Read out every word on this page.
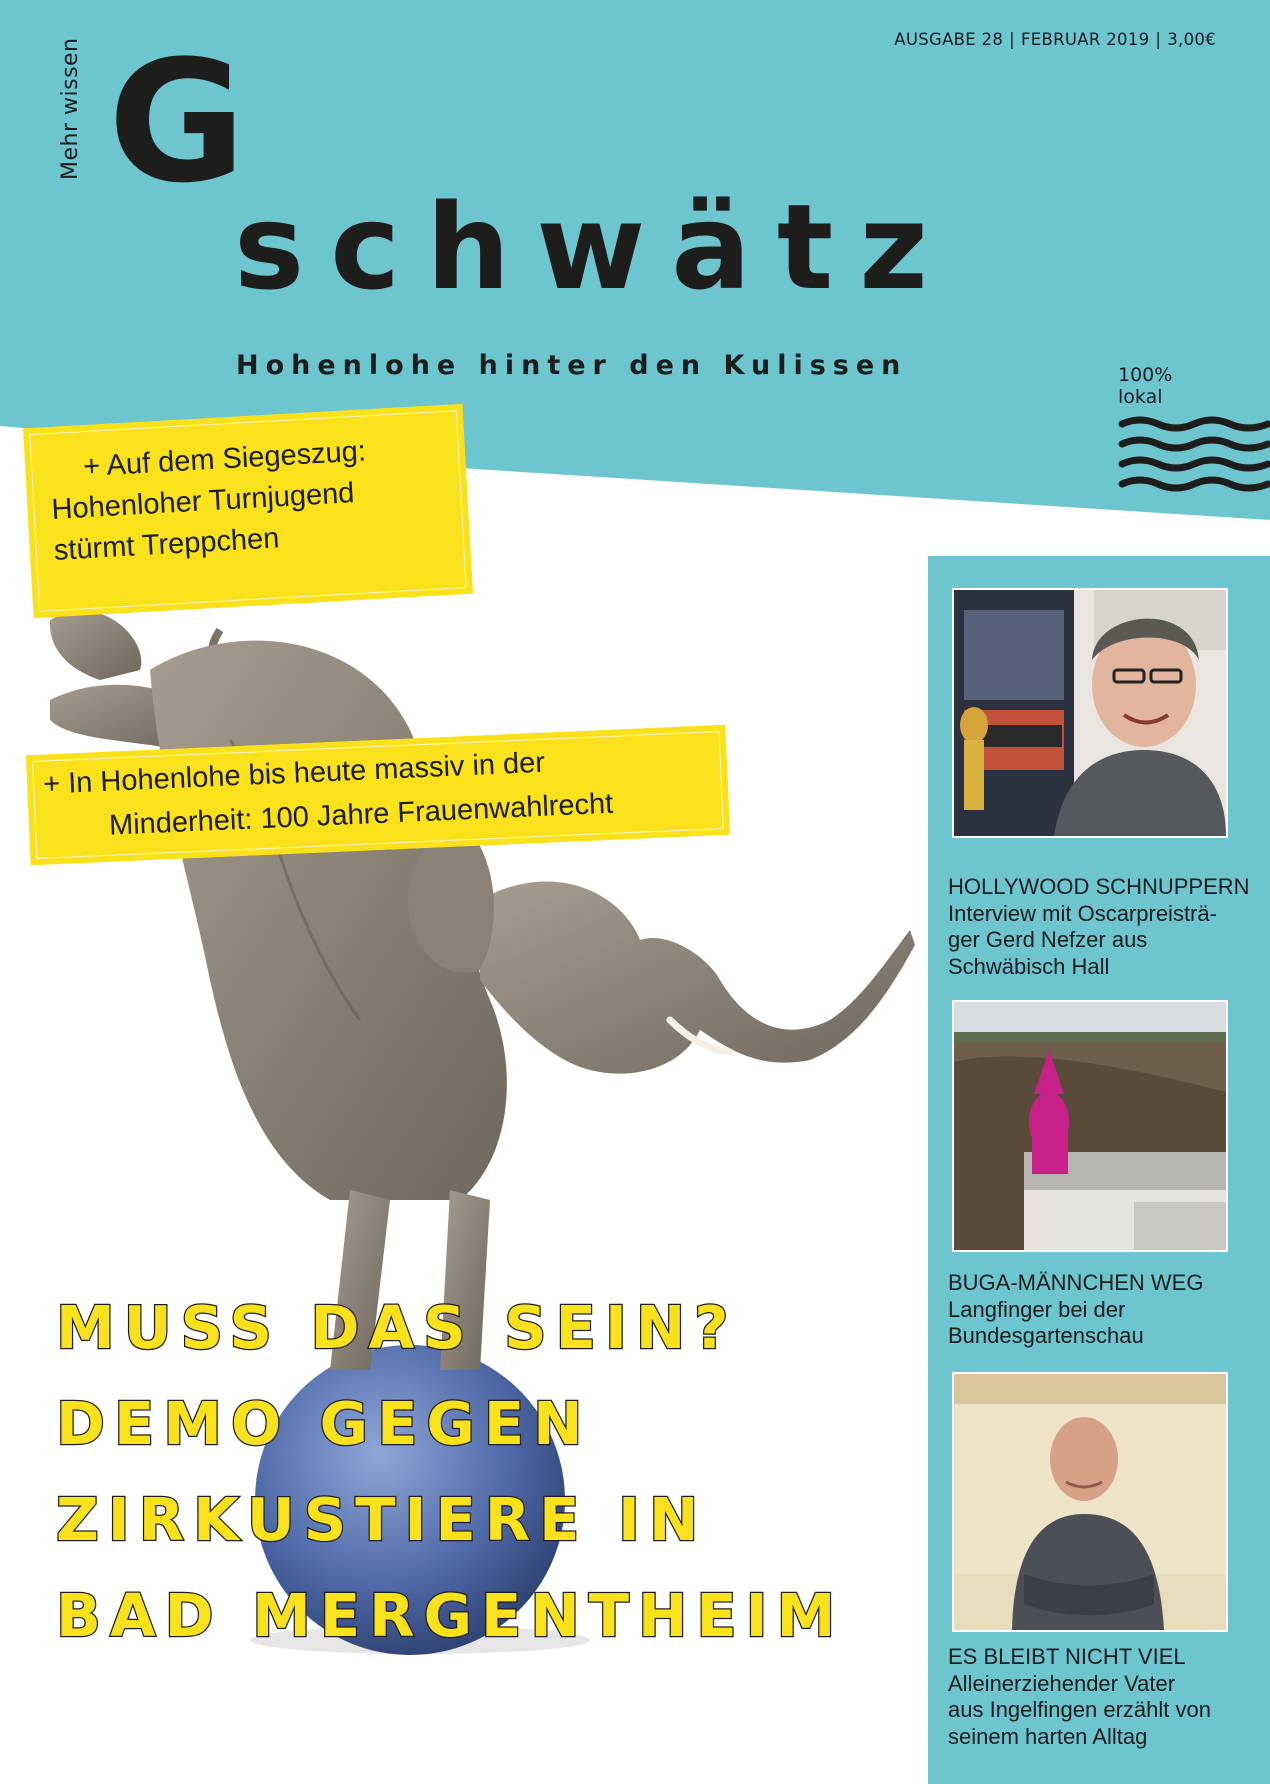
AUSGABE 28 | FEBRUAR 2019 | 3,00€
Mehr wissen G
schwätz
Hohenlohe hinter den Kulissen	100%
lokal
+ Auf dem Siegeszug:
Hohenloher Turnjugend
stürmt Treppchen
+ In Hohenlohe bis heute massiv in der
Minderheit: 100 Jahre Frauenwahlrecht
MUSS DAS SEIN?
DEMO GEGEN
ZIRKUSTIERE IN
BAD MERGENTHEIM
HOLLYWOOD SCHNUPPERN
Interview mit Oscarpreisträ-
ger Gerd Nefzer aus
Schwäbisch Hall
BUGA-MÄNNCHEN WEG
Langfinger bei der
Bundesgartenschau
ES BLEIBT NICHT VIEL
Alleinerziehender Vater
aus Ingelfingen erzählt von
seinem harten Alltag
